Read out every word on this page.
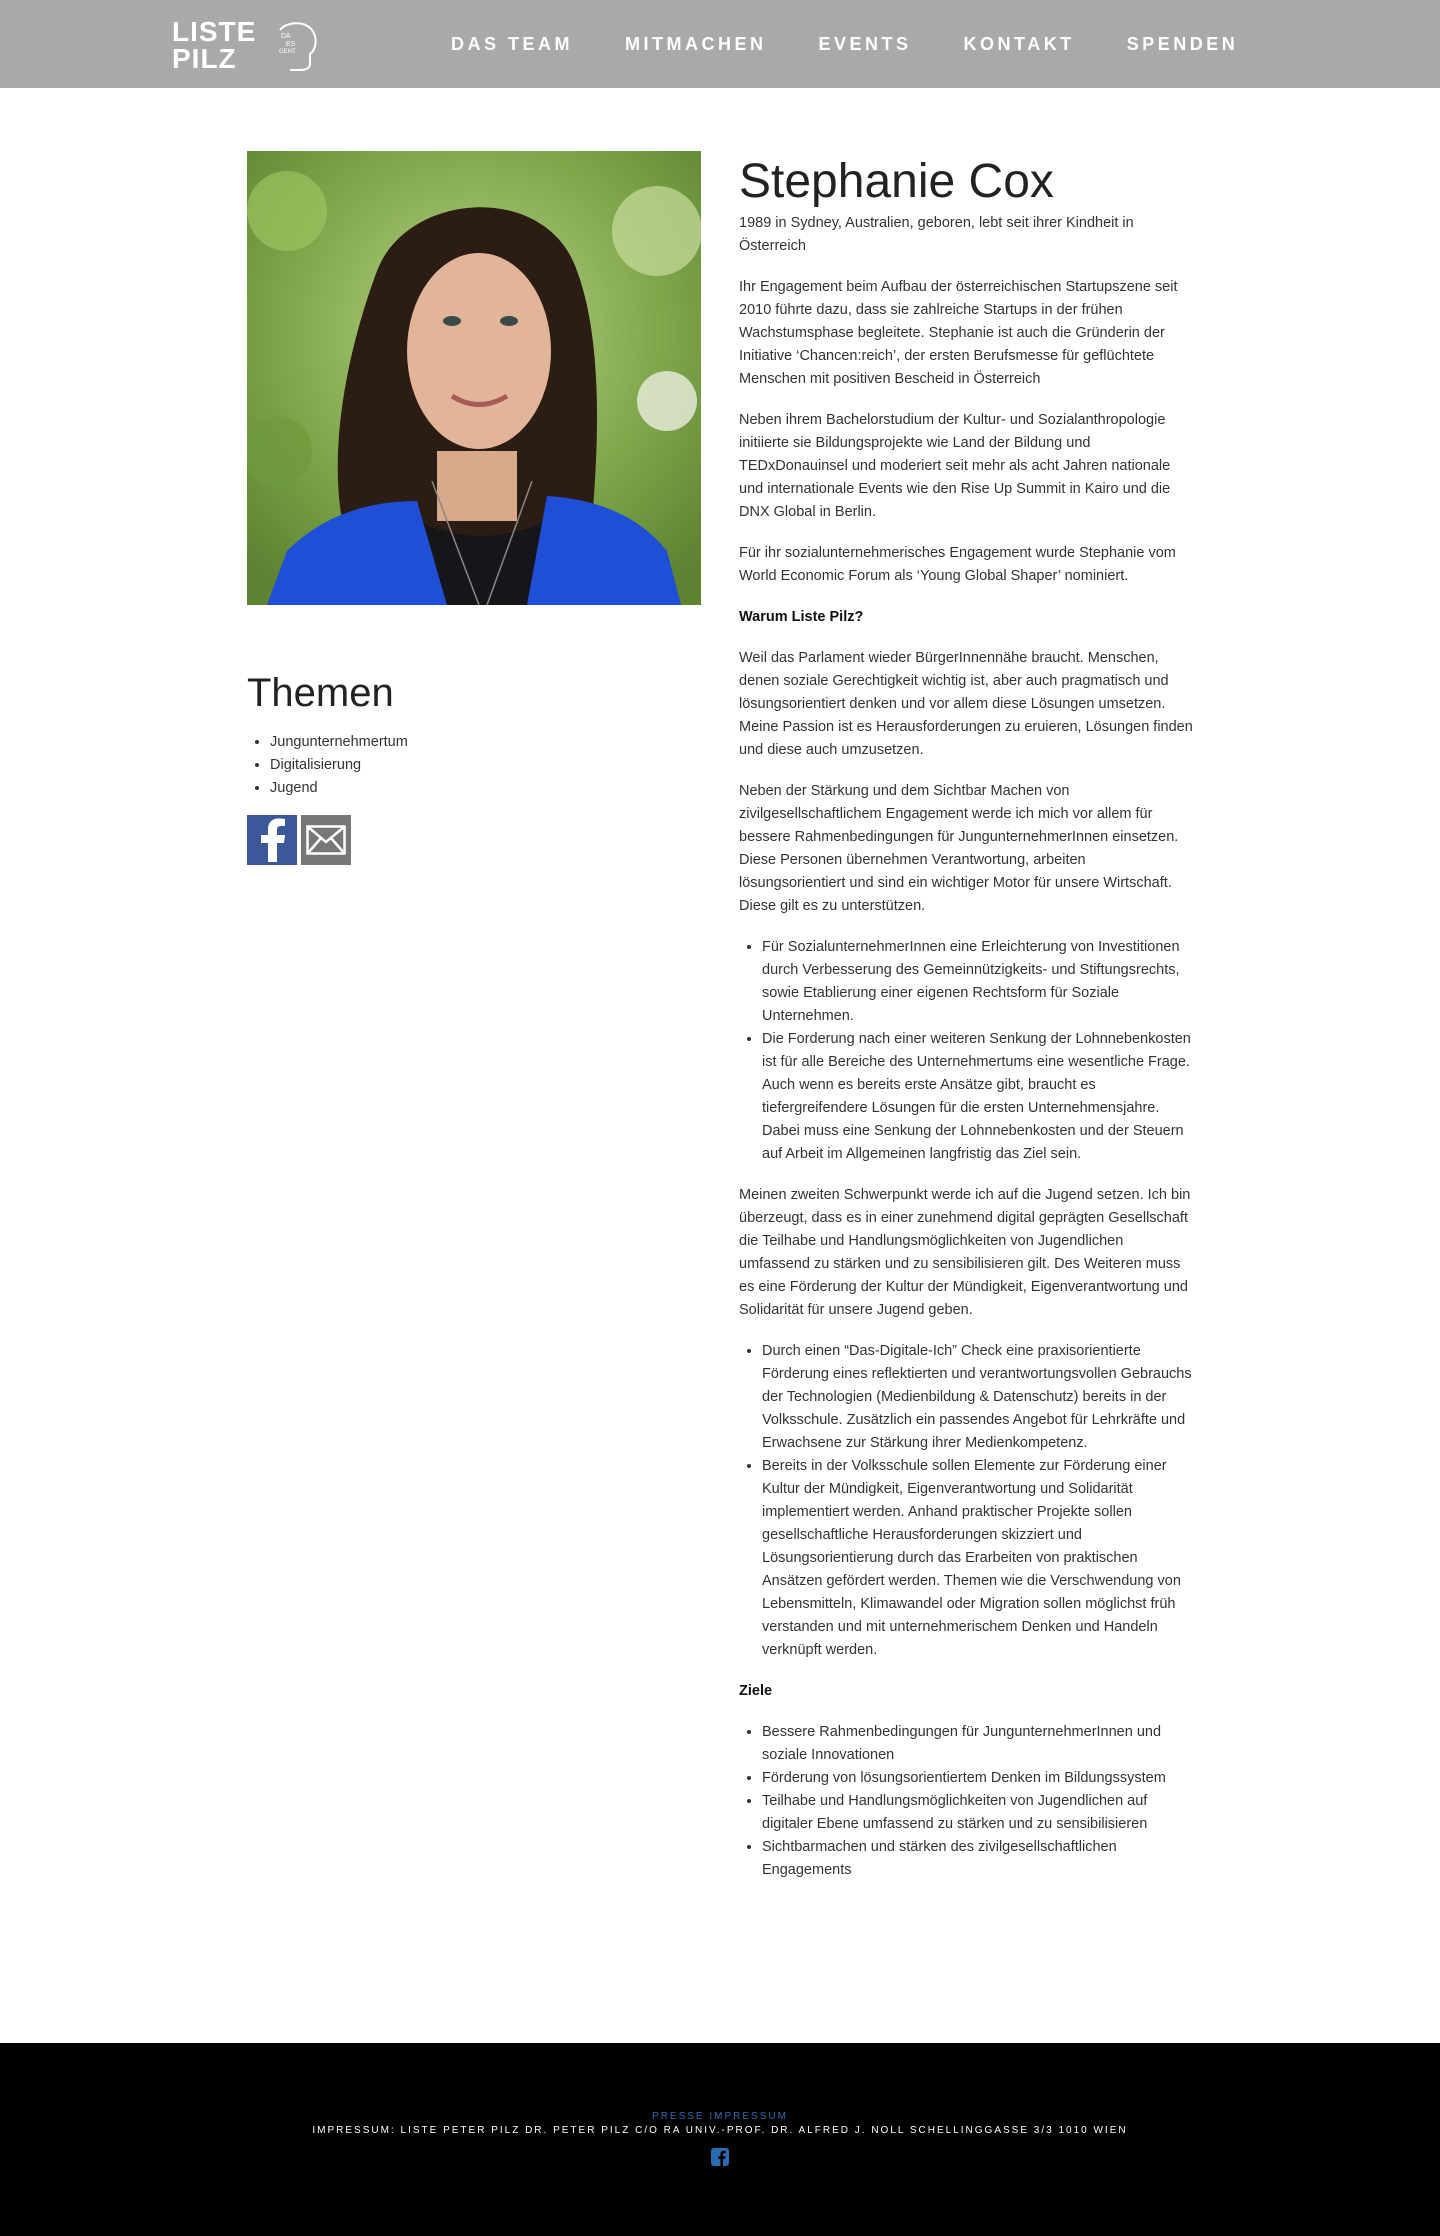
LISTE
PILZ
DA
ES
GEHT	DAS TEAM	MITMACHEN	EVENTS	KONTAKT	SPENDEN
Themen
• Jungunternehmertum
• Digitalisierung
• Jugend
Stephanie Cox

1989 in Sydney, Australien, geboren, lebt seit ihrer Kindheit in Österreich

Ihr Engagement beim Aufbau der österreichischen Startupszene seit 2010 führte dazu, dass sie zahlreiche Startups in der frühen Wachstumsphase begleitete. Stephanie ist auch die Gründerin der Initiative ‘Chancen:reich’, der ersten Berufsmesse für geflüchtete Menschen mit positiven Bescheid in Österreich

Neben ihrem Bachelorstudium der Kultur- und Sozialanthropologie initiierte sie Bildungsprojekte wie Land der Bildung und TEDxDonauinsel und moderiert seit mehr als acht Jahren nationale und internationale Events wie den Rise Up Summit in Kairo und die DNX Global in Berlin.

Für ihr sozialunternehmerisches Engagement wurde Stephanie vom World Economic Forum als ‘Young Global Shaper’ nominiert.

Warum Liste Pilz?

Weil das Parlament wieder BürgerInnennähe braucht. Menschen, denen soziale Gerechtigkeit wichtig ist, aber auch pragmatisch und lösungsorientiert denken und vor allem diese Lösungen umsetzen. Meine Passion ist es Herausforderungen zu eruieren, Lösungen finden und diese auch umzusetzen.

Neben der Stärkung und dem Sichtbar Machen von zivilgesellschaftlichem Engagement werde ich mich vor allem für bessere Rahmenbedingungen für JungunternehmerInnen einsetzen. Diese Personen übernehmen Verantwortung, arbeiten lösungsorientiert und sind ein wichtiger Motor für unsere Wirtschaft. Diese gilt es zu unterstützen.

• Für SozialunternehmerInnen eine Erleichterung von Investitionen durch Verbesserung des Gemeinnützigkeits- und Stiftungsrechts, sowie Etablierung einer eigenen Rechtsform für Soziale Unternehmen.
• Die Forderung nach einer weiteren Senkung der Lohnnebenkosten ist für alle Bereiche des Unternehmertums eine wesentliche Frage. Auch wenn es bereits erste Ansätze gibt, braucht es tiefergreifendere Lösungen für die ersten Unternehmensjahre. Dabei muss eine Senkung der Lohnnebenkosten und der Steuern auf Arbeit im Allgemeinen langfristig das Ziel sein.

Meinen zweiten Schwerpunkt werde ich auf die Jugend setzen. Ich bin überzeugt, dass es in einer zunehmend digital geprägten Gesellschaft die Teilhabe und Handlungsmöglichkeiten von Jugendlichen umfassend zu stärken und zu sensibilisieren gilt. Des Weiteren muss es eine Förderung der Kultur der Mündigkeit, Eigenverantwortung und Solidarität für unsere Jugend geben.

• Durch einen “Das-Digitale-Ich” Check eine praxisorientierte Förderung eines reflektierten und verantwortungsvollen Gebrauchs der Technologien (Medienbildung & Datenschutz) bereits in der Volksschule. Zusätzlich ein passendes Angebot für Lehrkräfte und Erwachsene zur Stärkung ihrer Medienkompetenz.
• Bereits in der Volksschule sollen Elemente zur Förderung einer Kultur der Mündigkeit, Eigenverantwortung und Solidarität implementiert werden. Anhand praktischer Projekte sollen gesellschaftliche Herausforderungen skizziert und Lösungsorientierung durch das Erarbeiten von praktischen Ansätzen gefördert werden. Themen wie die Verschwendung von Lebensmitteln, Klimawandel oder Migration sollen möglichst früh verstanden und mit unternehmerischem Denken und Handeln verknüpft werden.

Ziele

• Bessere Rahmenbedingungen für JungunternehmerInnen und soziale Innovationen
• Förderung von lösungsorientiertem Denken im Bildungssystem
• Teilhabe und Handlungsmöglichkeiten von Jugendlichen auf digitaler Ebene umfassend zu stärken und zu sensibilisieren
• Sichtbarmachen und stärken des zivilgesellschaftlichen Engagements
PRESSE IMPRESSUM
IMPRESSUM: LISTE PETER PILZ DR. PETER PILZ C/O RA UNIV.-PROF. DR. ALFRED J. NOLL SCHELLINGGASSE 3/3 1010 WIEN
